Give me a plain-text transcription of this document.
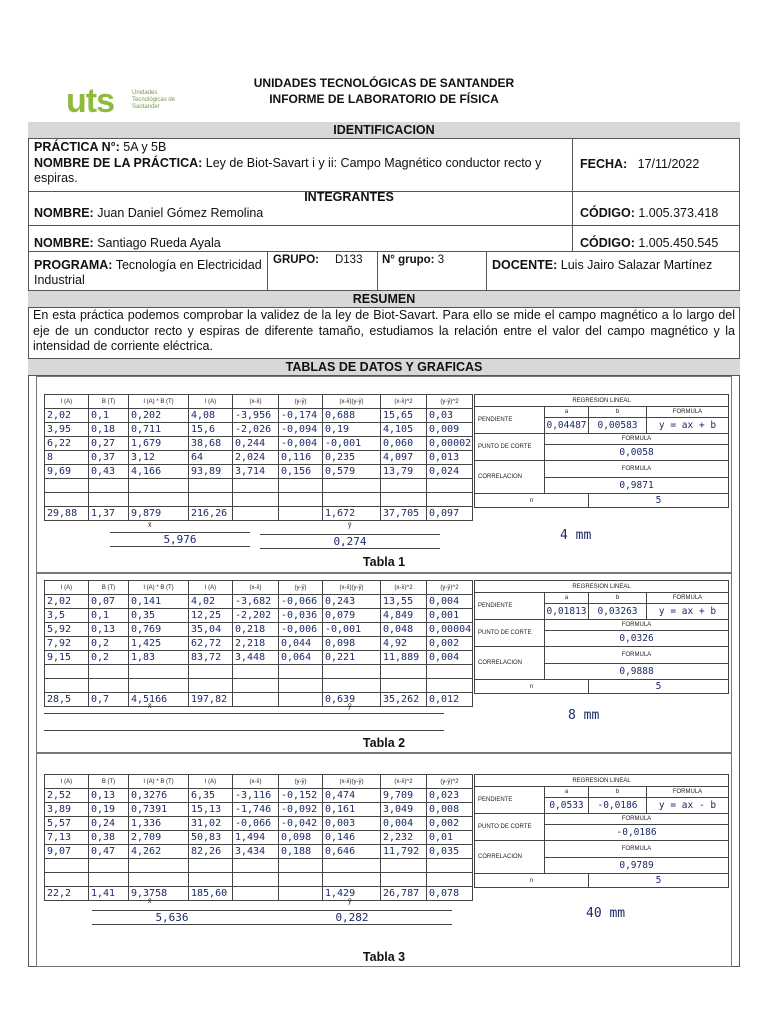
uts	Unidades Tecnológicas de Santander
UNIDADES TECNOLÓGICAS DE SANTANDER
INFORME DE LABORATORIO DE FÍSICA
IDENTIFICACION
PRÁCTICA N°: 5A y 5B
NOMBRE DE LA PRÁCTICA: Ley de Biot-Savart i y ii: Campo Magnético conductor recto y espiras.
FECHA: 17/11/2022
INTEGRANTES
NOMBRE: Juan Daniel Gómez Remolina	CÓDIGO: 1.005.373.418
NOMBRE: Santiago Rueda Ayala	CÓDIGO: 1.005.450.545
PROGRAMA: Tecnología en Electricidad Industrial
GRUPO: D133	N° grupo: 3	DOCENTE: Luis Jairo Salazar Martínez
RESUMEN
En esta práctica podemos comprobar la validez de la ley de Biot-Savart. Para ello se mide el campo magnético a lo largo del eje de un conductor recto y espiras de diferente tamaño, estudiamos la relación entre el valor del campo magnético y la intensidad de corriente eléctrica.
TABLAS DE DATOS Y GRAFICAS
I (A)	B (T)	I (A) * B (T)	I (A)	(x-x̄)	(y-ȳ)	(x-x̄)(y-ȳ)	(x-x̄)^2	(y-ȳ)^2
2,02	0,1	0,202	4,08	-3,956	-0,174	0,688	15,65	0,03
3,95	0,18	0,711	15,6	-2,026	-0,094	0,19	4,105	0,009
6,22	0,27	1,679	38,68	0,244	-0,004	-0,001	0,060	0,00002
8	0,37	3,12	64	2,024	0,116	0,235	4,097	0,013
9,69	0,43	4,166	93,89	3,714	0,156	0,579	13,79	0,024

29,88	1,37	9,879	216,26			1,672	37,705	0,097
REGRESION LINEAL			
PENDIENTE	a	b	FORMULA
	0,04487	0,00583	y = ax + b
PUNTO DE CORTE	FORMULA		
	0,0058		
CORRELACION	FORMULA		
	0,9871		
n		5	
x̄
5,976
ȳ
0,274	4 mm
Tabla 1
I (A)	B (T)	I (A) * B (T)	I (A)	(x-x̄)	(y-ȳ)	(x-x̄)(y-ȳ)	(x-x̄)^2	(y-ȳ)^2
2,02	0,07	0,141	4,02	-3,682	-0,066	0,243	13,55	0,004
3,5	0,1	0,35	12,25	-2,202	-0,036	0,079	4,849	0,001
5,92	0,13	0,769	35,04	0,218	-0,006	-0,001	0,048	0,00004
7,92	0,2	1,425	62,72	2,218	0,044	0,098	4,92	0,002
9,15	0,2	1,83	83,72	3,448	0,064	0,221	11,889	0,004

28,5	0,7	4,5166	197,82			0,639	35,262	0,012
REGRESION LINEAL			
PENDIENTE	a	b	FORMULA
	0,01813	0,03263	y = ax + b
PUNTO DE CORTE	FORMULA		
	0,0326		
CORRELACION	FORMULA		
	0,9888		
n		5	
x̄	ȳ
8 mm
Tabla 2
I (A)	B (T)	I (A) * B (T)	I (A)	(x-x̄)	(y-ȳ)	(x-x̄)(y-ȳ)	(x-x̄)^2	(y-ȳ)^2
2,52	0,13	0,3276	6,35	-3,116	-0,152	0,474	9,709	0,023
3,89	0,19	0,7391	15,13	-1,746	-0,092	0,161	3,049	0,008
5,57	0,24	1,336	31,02	-0,066	-0,042	0,003	0,004	0,002
7,13	0,38	2,709	50,83	1,494	0,098	0,146	2,232	0,01
9,07	0,47	4,262	82,26	3,434	0,188	0,646	11,792	0,035

22,2	1,41	9,3758	185,60			1,429	26,787	0,078
REGRESION LINEAL			
PENDIENTE	a	b	FORMULA
	0,0533	-0,0186	y = ax - b
PUNTO DE CORTE	FORMULA		
	-0,0186		
CORRELACION	FORMULA		
	0,9789		
n		5	
x̄
5,636
ȳ
0,282	40 mm
Tabla 3
